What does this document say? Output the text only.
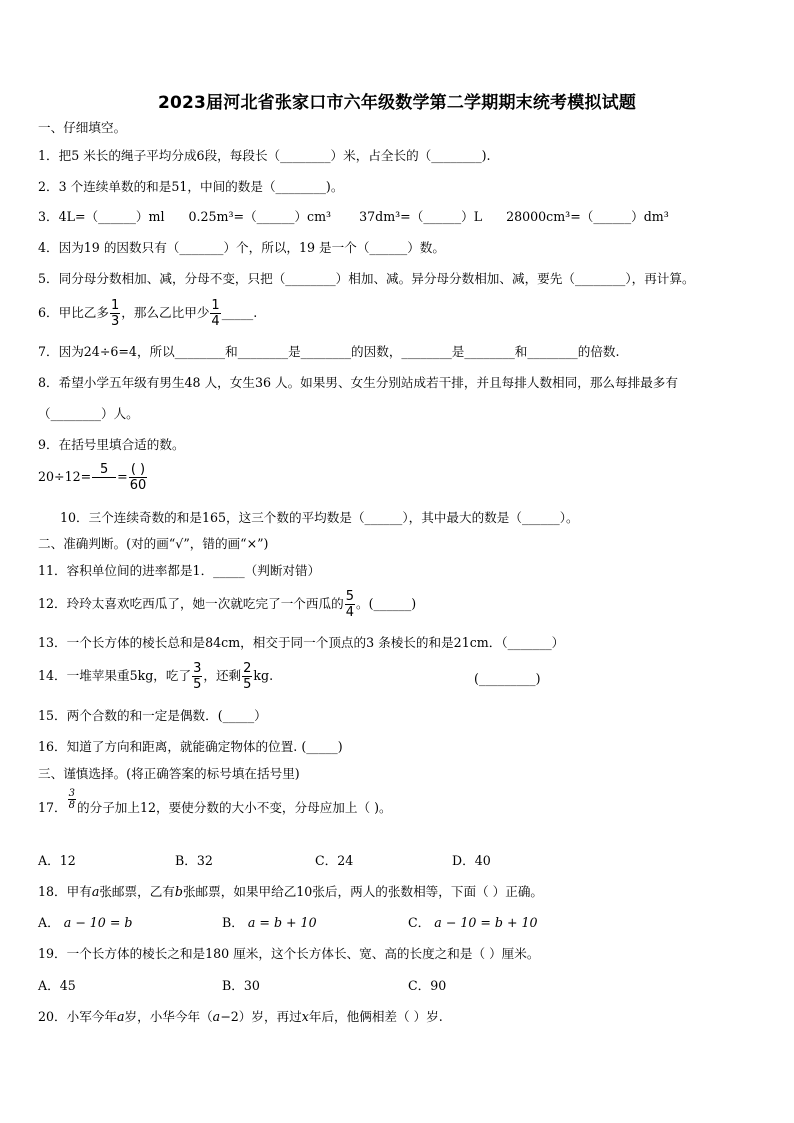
2023届河北省张家口市六年级数学第二学期期末统考模拟试题
一、仔细填空。
1．把5 米长的绳子平均分成6段，每段长（________）米，占全长的（________).
2．3 个连续单数的和是51，中间的数是（________)。
3．4L=（______）ml      0.25m³=（______）cm³       37dm³=（______）L      28000cm³=（______）dm³
4．因为19 的因数只有（_______）个，所以，19 是一个（______）数。
5．同分母分数相加、减，分母不变，只把（________）相加、减。异分母分数相加、减，要先（________），再计算。
6．甲比乙多 $\frac{1}{3}$ ，那么乙比甲少 $\frac{1}{4}$ _____.
7．因为24÷6=4，所以________和________是________的因数，________是________和________的倍数.
8．希望小学五年级有男生48 人，女生36 人。如果男、女生分别站成若干排，并且每排人数相同，那么每排最多有
（________）人。
9．在括号里填合适的数。
$20\div 12= 5 = \frac{( )}{60}$
10．三个连续奇数的和是165，这三个数的平均数是（______），其中最大的数是（______）。
二、准确判断。(对的画“√”，错的画“×”)
11．容积单位间的进率都是1．_____（判断对错）
12．玲玲太喜欢吃西瓜了，她一次就吃完了一个西瓜的 $\frac{5}{4}$ 。(______)
13．一个长方体的棱长总和是84cm，相交于同一个顶点的3 条棱长的和是21cm．（_______）
14．一堆苹果重5kg，吃了 $\frac{3}{5}$ ，还剩 $\frac{2}{5}$ kg.	(_________)
15．两个合数的和一定是偶数．(_____）
16．知道了方向和距离，就能确定物体的位置. (_____)
三、谨慎选择。(将正确答案的标号填在括号里)
17． $\frac{3}{8}$ 的分子加上12，要使分数的大小不变，分母应加上（ )。
A．12	B．32	C．24	D．40
18．甲有a张邮票，乙有b张邮票，如果甲给乙10张后，两人的张数相等，下面（ ）正确。
A． a − 10 = b	B． a = b + 10	C． a − 10 = b + 10
19．一个长方体的棱长之和是180 厘米，这个长方体长、宽、高的长度之和是（ ）厘米。
A．45	B．30	C．90
20．小军今年a岁，小华今年（a−2）岁，再过x年后，他俩相差（ ）岁.
